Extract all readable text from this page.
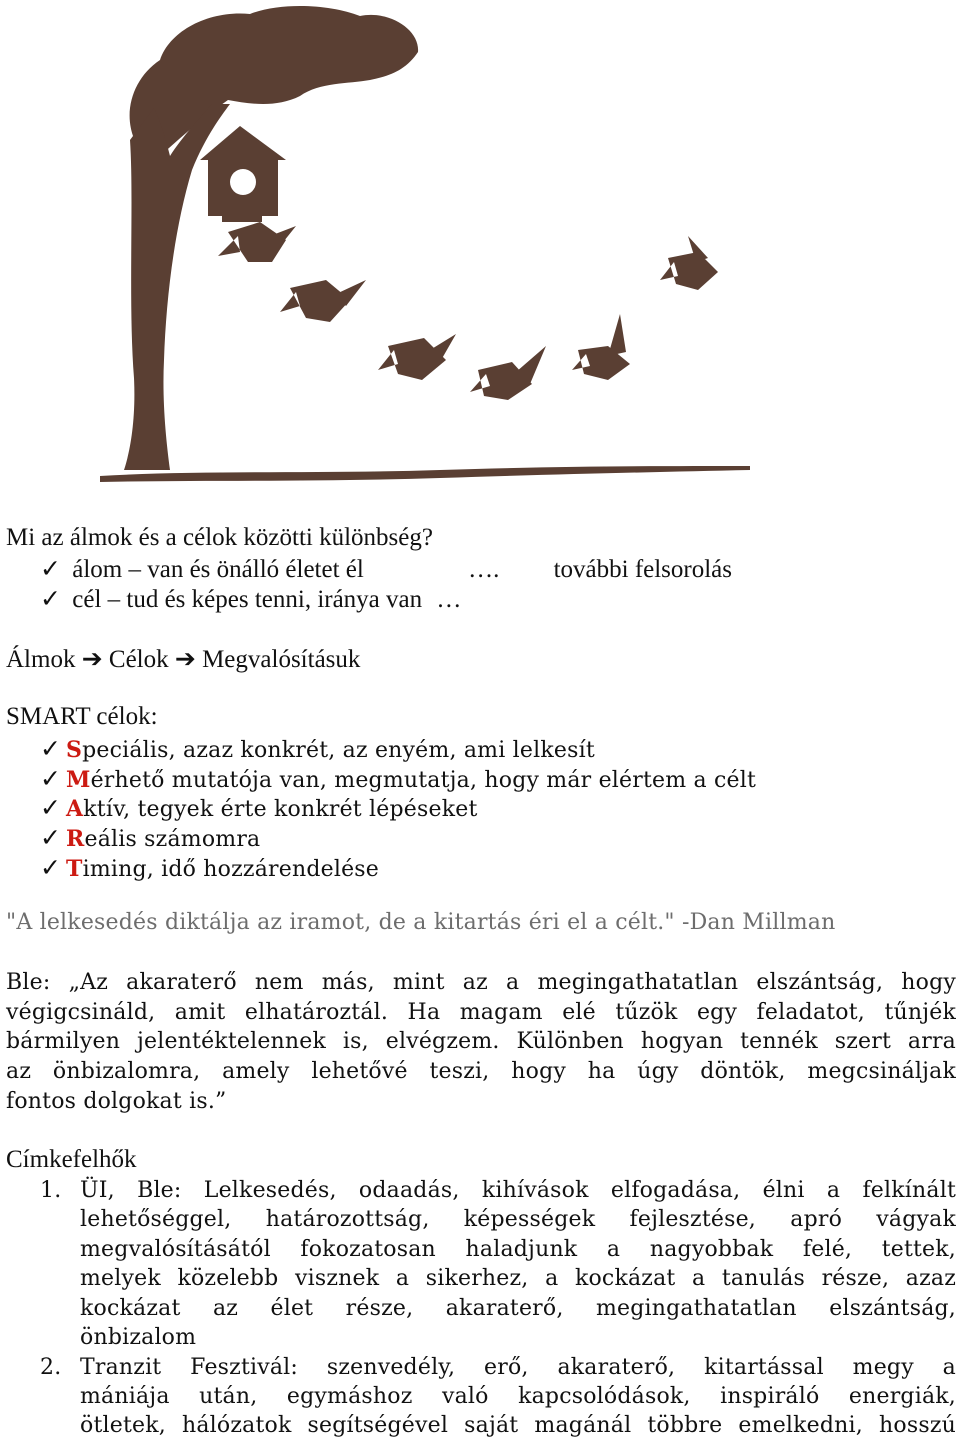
Mi az álmok és a célok közötti különbség?
✓ álom – van és önálló életet él	…. további felsorolás
✓ cél – tud és képes tenni, iránya van …
Álmok ➔ Célok ➔ Megvalósításuk
SMART célok:
✓ Speciális, azaz konkrét, az enyém, ami lelkesít
✓ Mérhető mutatója van, megmutatja, hogy már elértem a célt
✓ Aktív, tegyek érte konkrét lépéseket
✓ Reális számomra
✓ Timing, idő hozzárendelése
"A lelkesedés diktálja az iramot, de a kitartás éri el a célt." -Dan Millman
Ble: „Az akaraterő nem más, mint az a megingathatatlan elszántság, hogy
végigcsináld, amit elhatároztál. Ha magam elé tűzök egy feladatot, tűnjék
bármilyen jelentéktelennek is, elvégzem. Különben hogyan tennék szert arra
az önbizalomra, amely lehetővé teszi, hogy ha úgy döntök, megcsináljak
fontos dolgokat is.”
Címkefelhők
1. ÜI, Ble: Lelkesedés, odaadás, kihívások elfogadása, élni a felkínált
lehetőséggel, határozottság, képességek fejlesztése, apró vágyak
megvalósításától fokozatosan haladjunk a nagyobbak felé, tettek,
melyek közelebb visznek a sikerhez, a kockázat a tanulás része, azaz
kockázat az élet része, akaraterő, megingathatatlan elszántság,
önbizalom
2. Tranzit Fesztivál: szenvedély, erő, akaraterő, kitartással megy a
mániája után, egymáshoz való kapcsolódások, inspiráló energiák,
ötletek, hálózatok segítségével saját magánál többre emelkedni, hosszú
